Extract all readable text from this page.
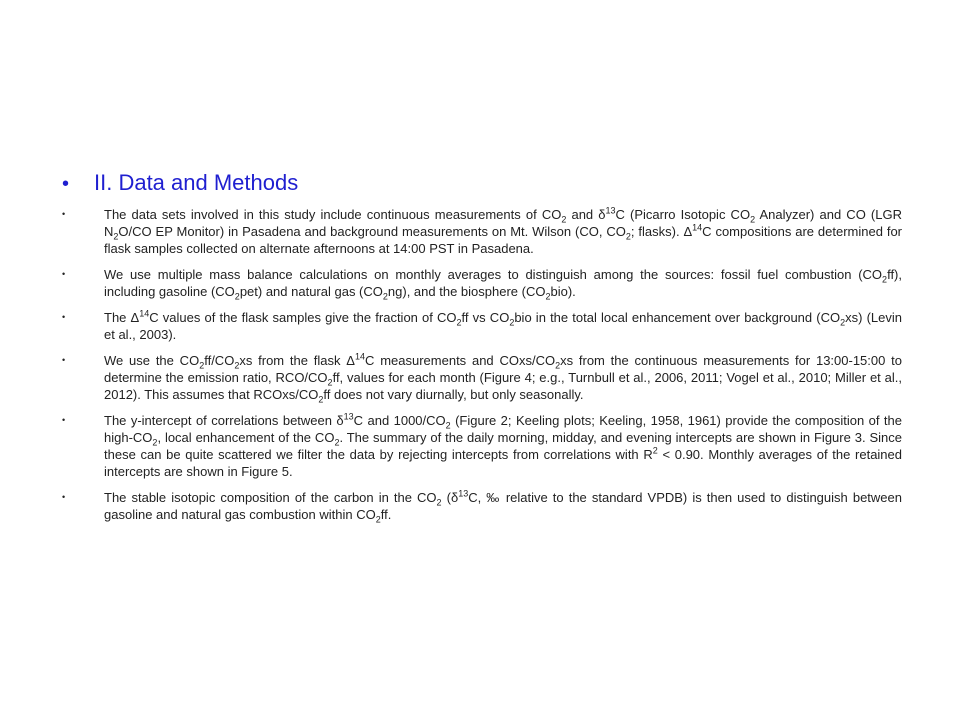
•	II. Data and Methods
•	The data sets involved in this study include continuous measurements of $CO_2$ and $\delta^{13}C$ (Picarro Isotopic $CO_2$ Analyzer) and CO (LGR $N_2O/CO$ EP Monitor) in Pasadena and background measurements on Mt. Wilson (CO, $CO_2$; flasks). $\Delta^{14}C$ compositions are determined for flask samples collected on alternate afternoons at 14:00 PST in Pasadena.
•	We use multiple mass balance calculations on monthly averages to distinguish among the sources: fossil fuel combustion $(CO_2ff)$, including gasoline $(CO_2pet)$ and natural gas $(CO_2ng)$, and the biosphere $(CO_2bio)$.
•	The $\Delta^{14}C$ values of the flask samples give the fraction of $CO_2ff$ vs $CO_2bio$ in the total local enhancement over background $(CO_2xs)$ (Levin et al., 2003).
•	We use the $CO_2ff/CO_2xs$ from the flask $\Delta^{14}C$ measurements and COxs/$CO_2xs$ from the continuous measurements for 13:00-15:00 to determine the emission ratio, RCO/$CO_2ff$, values for each month (Figure 4; e.g., Turnbull et al., 2006, 2011; Vogel et al., 2010; Miller et al., 2012). This assumes that RCOxs/$CO_2ff$ does not vary diurnally, but only seasonally.
•	The y-intercept of correlations between $\delta^{13}C$ and $1000/CO_2$ (Figure 2; Keeling plots; Keeling, 1958, 1961) provide the composition of the high-$CO_2$, local enhancement of the $CO_2$. The summary of the daily morning, midday, and evening intercepts are shown in Figure 3. Since these can be quite scattered we filter the data by rejecting intercepts from correlations with $R^2 < 0.90$. Monthly averages of the retained intercepts are shown in Figure 5.
•	The stable isotopic composition of the carbon in the $CO_2$ ($\delta^{13}C$, ‰ relative to the standard VPDB) is then used to distinguish between gasoline and natural gas combustion within $CO_2ff$.
